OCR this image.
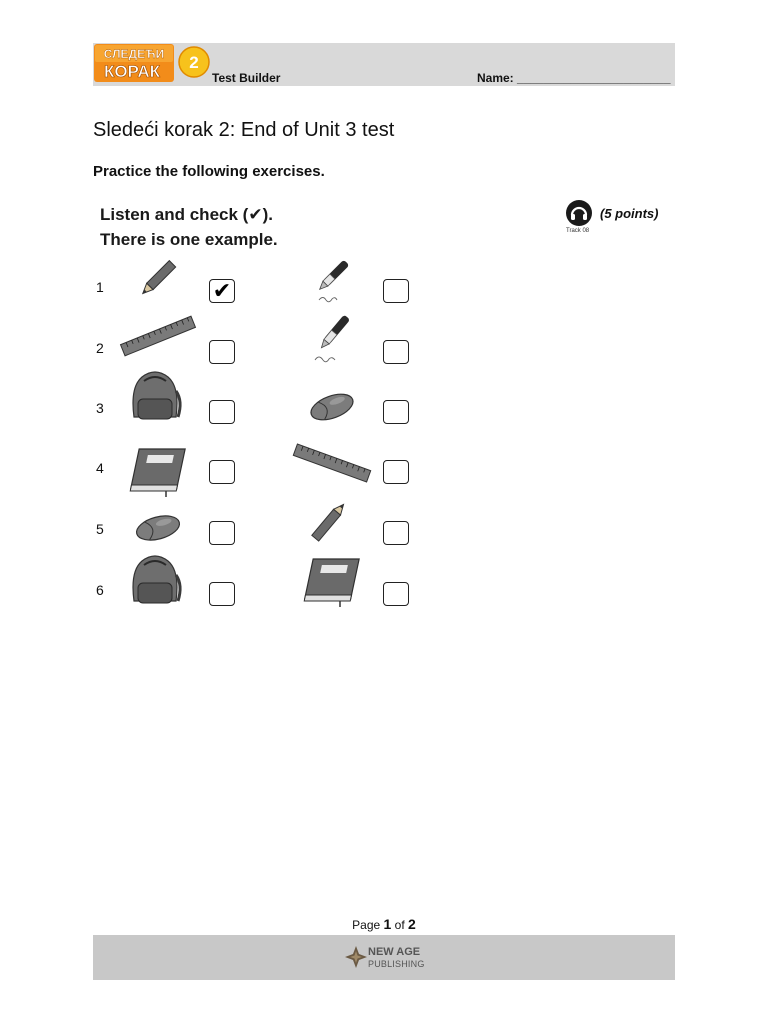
СЛЕДЕЋИ
КОРАК 2
Test Builder	Name: _______________________
Sledeći korak 2: End of Unit 3 test
Practice the following exercises.
Listen and check (✔).
There is one example.	Track 08
(5 points)
1	✔
2
3
4
5
6
Page 1 of 2
NEW AGE
PUBLISHING
